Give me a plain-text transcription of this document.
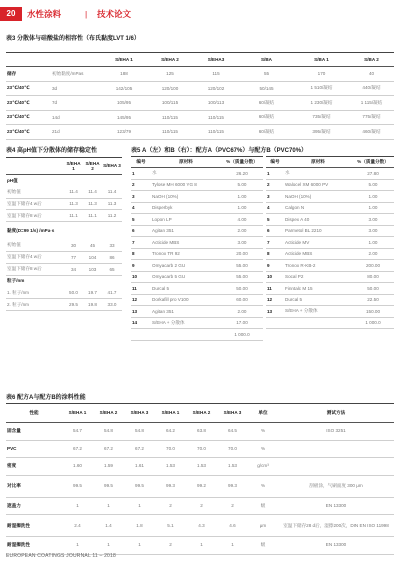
20	水性涂料	| 技术论文
表3 分散体与硅酸盐的相容性（布氏黏度LVT 1/6）
		S/EHA 1	S/EHA 2	S/EHA3	S/BA	S/BA 1	S/BA 2
储存	初始黏度/mPas	188	125	115	55	170	40
23℃/40℃	3d	142/105	120/100	120/102	50/145	1 510/凝结	440/凝结
23℃/40℃	7d	105/95	100/115	100/113	60/凝结	1 230/凝结	1 115/凝结
23℃/40℃	14d	145/95	110/115	110/115	60/凝结	735/凝结	775/凝结
23℃/40℃	21d	123/79	110/115	110/115	60/凝结	395/凝结	460/凝结
表4 高pH值下分散体的储存稳定性
	S/EHA 1	S/EHA 2	S/EHA 3
pH值			
初始值	11.4	11.4	11.4
室温下储存4 w后	11.3	11.3	11.3
室温下储存8 w后	11.1	11.1	11.2
黏度(D=99 1/s) /mPa·s			
初始值	30	45	33
室温下储存4 w后	77	104	86
室温下储存8 w后	34	103	65
粒子/nm			
1. 粒子/nm	50.0	19.7	41.7
2. 粒子/nm	29.5	19.8	33.0
表5 A（左）和B（右）：配方A（PVC67%）与配方B（PVC70%）
编号	原材料	%（质量分数）
1	水	26.20
2	Tylose MH 6000 YG 8	5.00
3	NaOH (10%)	1.00
4	Disperbyk	1.00
5	Lopon LP	4.00
6	Agitan 351	2.00
7	Acticide MBS	3.00
8	Tronox TR 92	20.00
9	Omyacarb 2 GU	55.00
10	Omyacarb 5 GU	55.00
11	Durcal 5	50.00
12	Dorkafill pro V100	60.00
13	Agitan 351	2.00
14	S/EHA + 分散体	17.00
		1 000.0
编号	原材料	%（质量分数）
1	水	27.80
2	Walocel XM 6000 PV	5.00
3	NaOH (10%)	1.00
4	Calgon N	1.00
5	Dispex A 40	3.00
6	Parmetol BL 2210	3.00
7	Acticide MV	1.00
8	Acticide MBS	2.00
9	Tronox R-KB-2	200.00
10	Socal P2	80.00
11	Finntalc M 15	50.00
12	Durcal 5	22.50
13	S/EHA + 分散体	150.00
		1 000.0
表6 配方A与配方B的涂料性能
性能	S/EHA 1	S/EHA 2	S/EHA 3	S/EHA 1	S/EHA 2	S/EHA 3	单位	测试方法
固含量	54.7	54.8	54.8	64.2	63.8	64.5	%	ISO 3251
PVC	67.2	67.2	67.2	70.0	70.0	70.0	%	
密度	1.60	1.59	1.61	1.53	1.53	1.53	g/cm³	
对比率	99.5	99.5	99.5	99.3	99.2	99.3	%	刮板涂，气刷面度 300 μm
遮盖力	1	1	1	2	2	2	级	EN 13300
耐湿擦洗性	2.4	1.4	1.8	5.1	4.3	4.6	μm	室温下储存28 d后，湿擦200次，DIN EN ISO 11998
耐湿擦洗性	1	1	1	2	1	1	级	EN 13300
EUROPEAN COATINGS JOURNAL 11 – 2018
